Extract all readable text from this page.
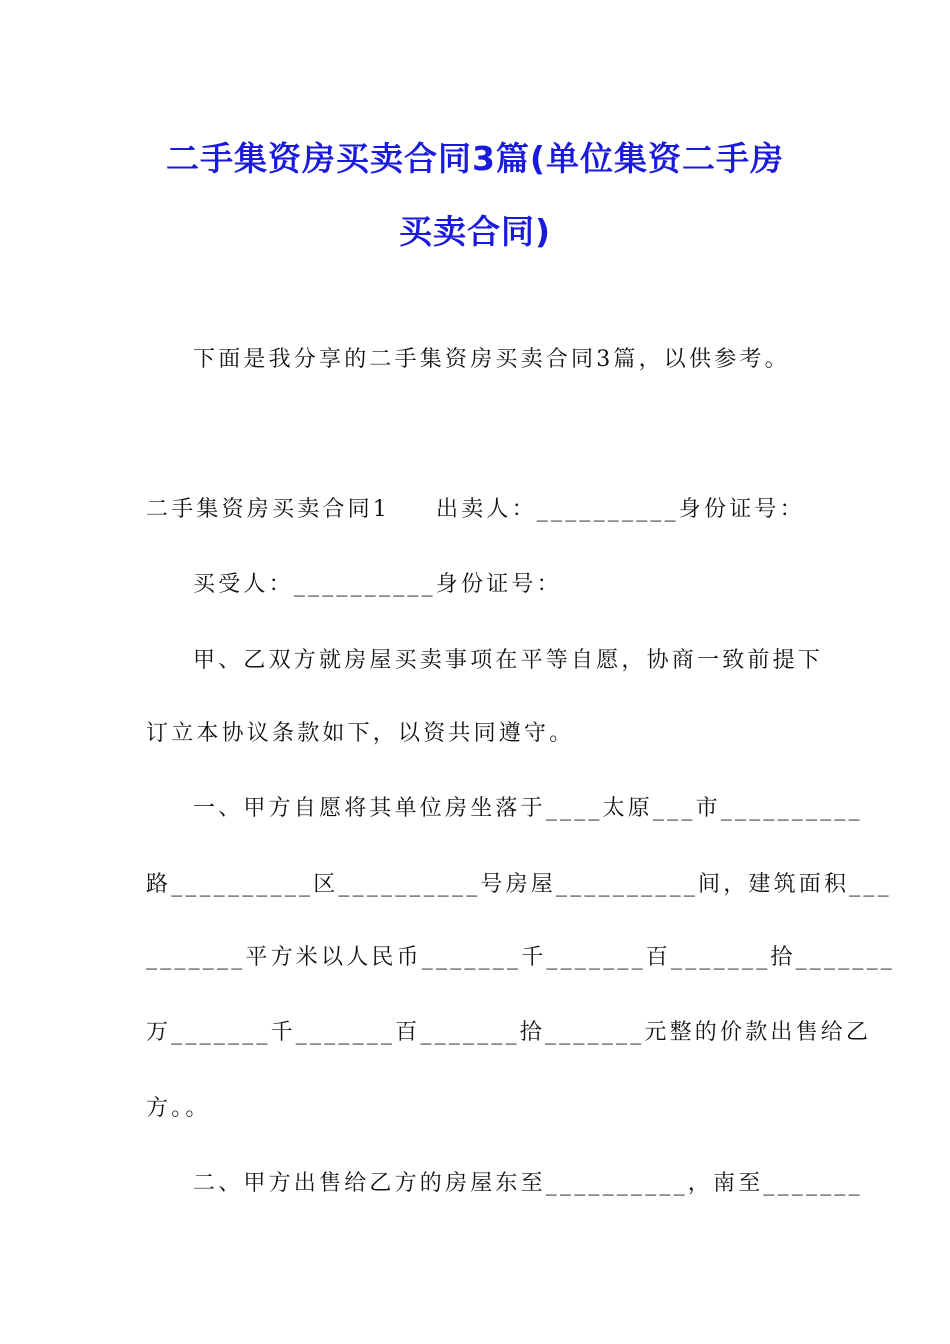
二手集资房买卖合同3篇(单位集资二手房
买卖合同)
下面是我分享的二手集资房买卖合同3篇，以供参考。
二手集资房买卖合同1 出卖人：__________身份证号：
买受人：__________身份证号：
甲、乙双方就房屋买卖事项在平等自愿，协商一致前提下
订立本协议条款如下，以资共同遵守。
一、甲方自愿将其单位房坐落于____太原___市__________
路__________区__________号房屋__________间，建筑面积___
_______平方米以人民币_______千_______百_______拾_______
万_______千_______百_______拾_______元整的价款出售给乙
方。。
二、甲方出售给乙方的房屋东至__________，南至_______
